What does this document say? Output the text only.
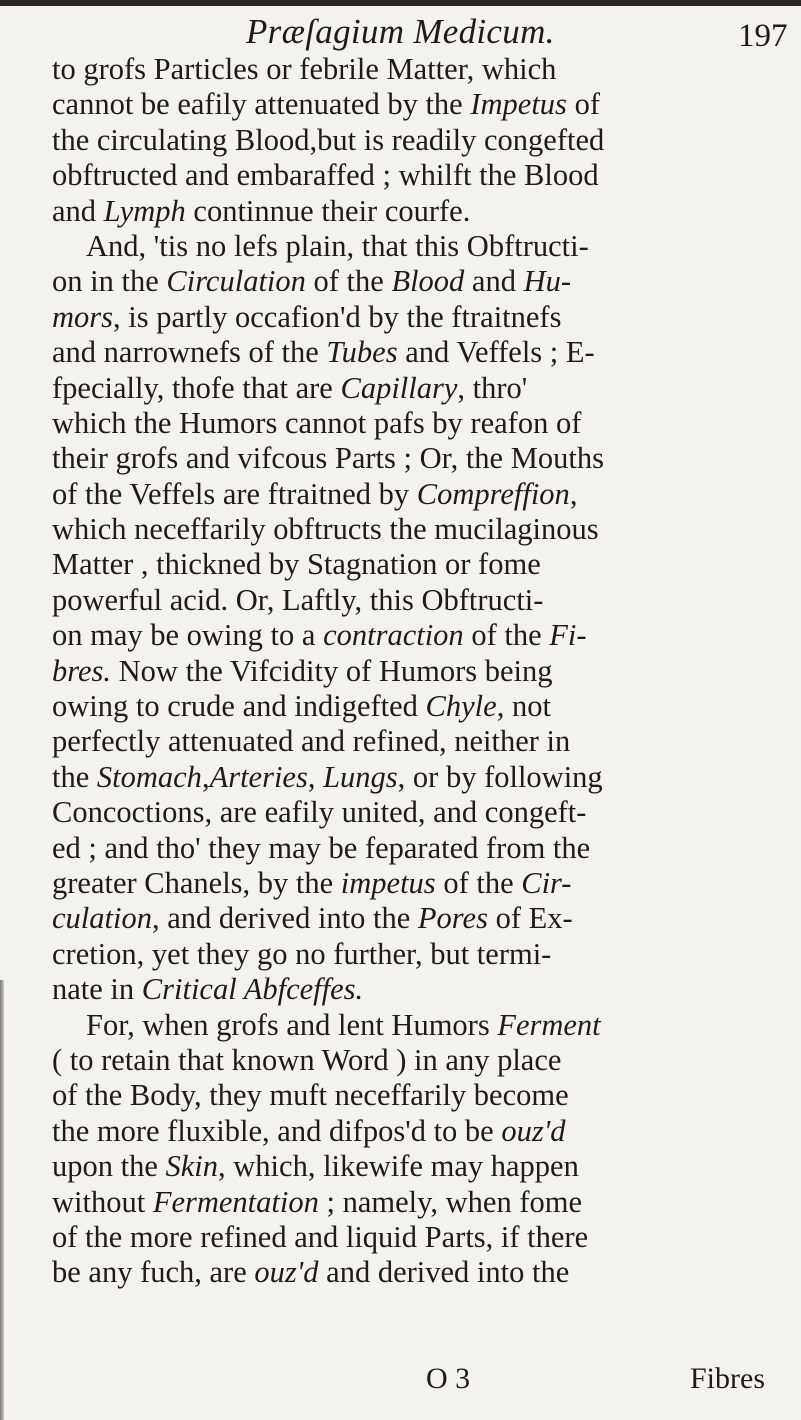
Præſagium Medicum.	197
to grofs Particles or febrile Matter, which
cannot be eafily attenuated by the Impetus of
the circulating Blood,but is readily congefted
obftructed and embaraffed ; whilft the Blood
and Lymph continnue their courfe.
And, 'tis no lefs plain, that this Obftructi-
on in the Circulation of the Blood and Hu-
mors, is partly occafion'd by the ftraitnefs
and narrownefs of the Tubes and Veffels ; E-
fpecially, thofe that are Capillary, thro'
which the Humors cannot pafs by reafon of
their grofs and vifcous Parts ; Or, the Mouths
of the Veffels are ftraitned by Compreffion,
which neceffarily obftructs the mucilaginous
Matter , thickned by Stagnation or fome
powerful acid. Or, Laftly, this Obftructi-
on may be owing to a contraction of the Fi-
bres. Now the Vifcidity of Humors being
owing to crude and indigefted Chyle, not
perfectly attenuated and refined, neither in
the Stomach,Arteries, Lungs, or by following
Concoctions, are eafily united, and congeft-
ed ; and tho' they may be feparated from the
greater Chanels, by the impetus of the Cir-
culation, and derived into the Pores of Ex-
cretion, yet they go no further, but termi-
nate in Critical Abfceffes.
For, when grofs and lent Humors Ferment
( to retain that known Word ) in any place
of the Body, they muft neceffarily become
the more fluxible, and difpos'd to be ouz'd
upon the Skin, which, likewife may happen
without Fermentation ; namely, when fome
of the more refined and liquid Parts, if there
be any fuch, are ouz'd and derived into the
O 3	Fibres
